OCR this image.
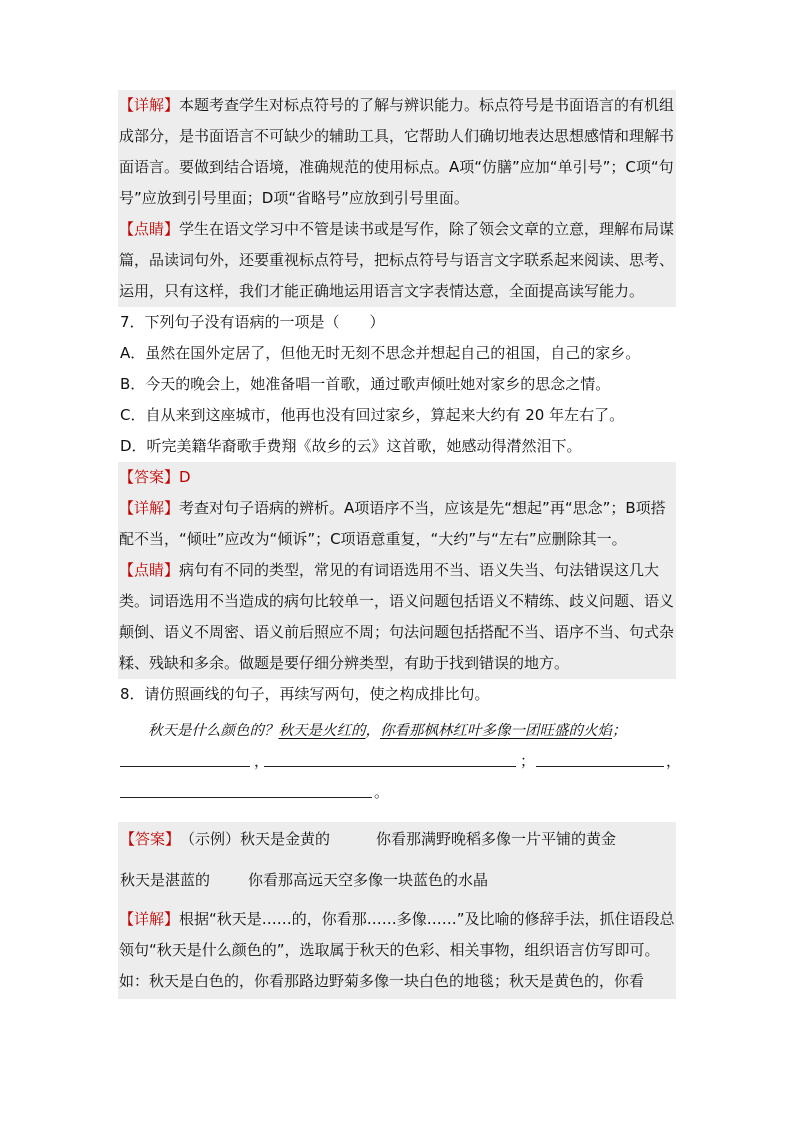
【详解】本题考查学生对标点符号的了解与辨识能力。标点符号是书面语言的有机组成部分，是书面语言不可缺少的辅助工具，它帮助人们确切地表达思想感情和理解书面语言。要做到结合语境，准确规范的使用标点。A项“仿膳”应加“单引号”；C项“句号”应放到引号里面；D项“省略号”应放到引号里面。

【点睛】学生在语文学习中不管是读书或是写作，除了领会文章的立意，理解布局谋篇，品读词句外，还要重视标点符号，把标点符号与语言文字联系起来阅读、思考、运用，只有这样，我们才能正确地运用语言文字表情达意，全面提高读写能力。

7．下列句子没有语病的一项是（　　）

A．虽然在国外定居了，但他无时无刻不思念并想起自己的祖国，自己的家乡。

B．今天的晚会上，她准备唱一首歌，通过歌声倾吐她对家乡的思念之情。

C．自从来到这座城市，他再也没有回过家乡，算起来大约有 20 年左右了。

D．听完美籍华裔歌手费翔《故乡的云》这首歌，她感动得潸然泪下。

【答案】D

【详解】考查对句子语病的辨析。A项语序不当，应该是先“想起”再“思念”；B项搭配不当，“倾吐”应改为“倾诉”；C项语意重复，“大约”与“左右”应删除其一。

【点睛】病句有不同的类型，常见的有词语选用不当、语义失当、句法错误这几大类。词语选用不当造成的病句比较单一，语义问题包括语义不精练、歧义问题、语义颠倒、语义不周密、语义前后照应不周；句法问题包括搭配不当、语序不当、句式杂糅、残缺和多余。做题是要仔细分辨类型，有助于找到错误的地方。

8．请仿照画线的句子，再续写两句，使之构成排比句。

秋天是什么颜色的？秋天是火红的，你看那枫林红叶多像一团旺盛的火焰；

，	；	，
。

【答案】（示例）秋天是金黄的	你看那满野晚稻多像一片平铺的黄金

秋天是湛蓝的	你看那高远天空多像一块蓝色的水晶

【详解】根据“秋天是……的，你看那……多像……”及比喻的修辞手法，抓住语段总领句“秋天是什么颜色的”，选取属于秋天的色彩、相关事物，组织语言仿写即可。如：秋天是白色的，你看那路边野菊多像一块白色的地毯；秋天是黄色的，你看
